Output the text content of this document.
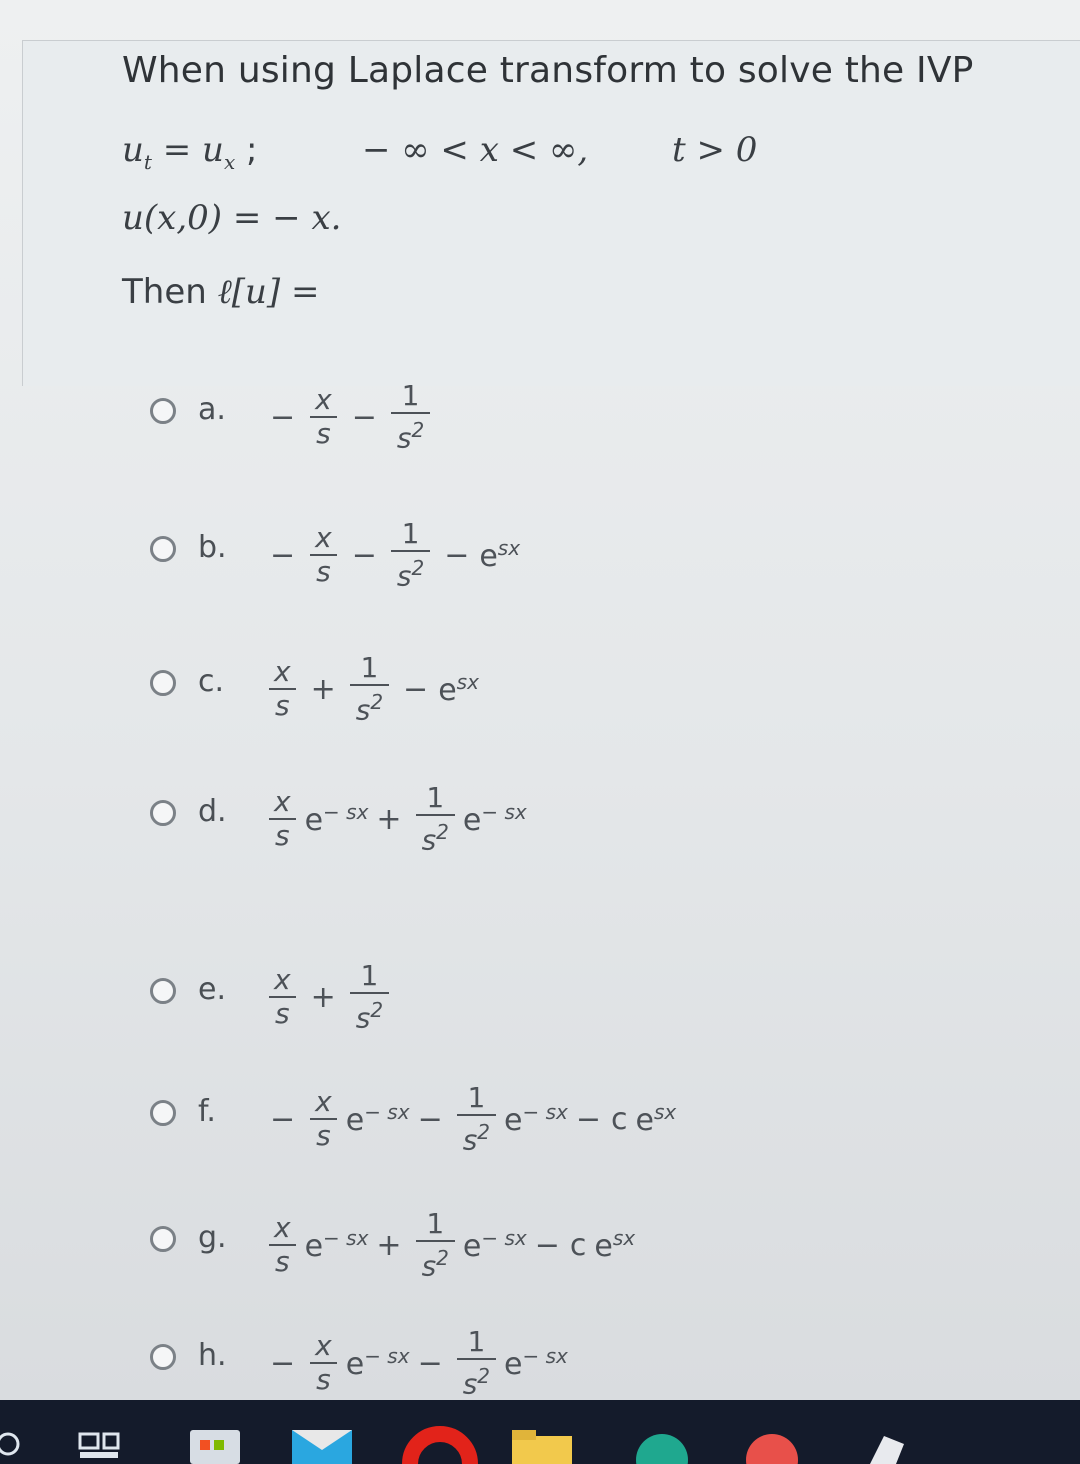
When using Laplace transform to solve the IVP
$u_t = u_x$ ;	− ∞ < x < ∞, t > 0
u(x,0) = − x.
Then ℓ[u] =
a. − $\frac{x}{s} - \frac{1}{s^2}$
b. − $\frac{x}{s} - \frac{1}{s^2} - e^{sx}$
c. $\frac{x}{s} + \frac{1}{s^2} - e^{sx}$
d. $\frac{x}{s} e^{- sx} + \frac{1}{s^2} e^{- sx}$
e. $\frac{x}{s} + \frac{1}{s^2}$
f. − $\frac{x}{s} e^{- sx} - \frac{1}{s^2} e^{- sx} - c$ $e^{sx}$
g. $\frac{x}{s} e^{- sx} + \frac{1}{s^2} e^{- sx} - c$ $e^{sx}$
h. − $\frac{x}{s} e^{- sx} - \frac{1}{s^2} e^{- sx}$
